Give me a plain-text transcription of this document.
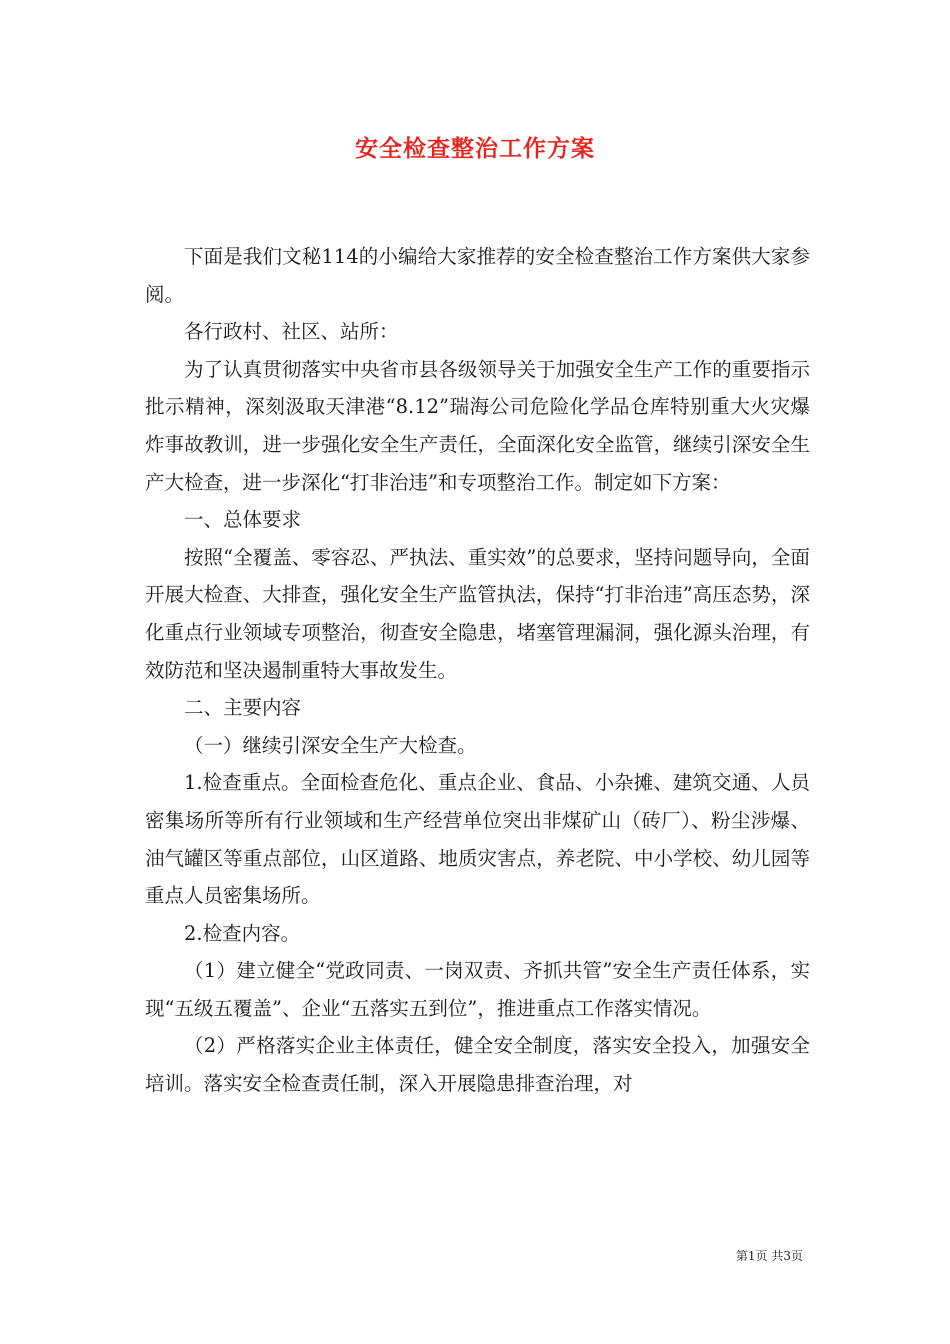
安全检查整治工作方案

下面是我们文秘114的小编给大家推荐的安全检查整治工作方案供大家参阅。

各行政村、社区、站所：

为了认真贯彻落实中央省市县各级领导关于加强安全生产工作的重要指示批示精神，深刻汲取天津港“8.12”瑞海公司危险化学品仓库特别重大火灾爆炸事故教训，进一步强化安全生产责任，全面深化安全监管，继续引深安全生产大检查，进一步深化“打非治违”和专项整治工作。制定如下方案：

一、总体要求

按照“全覆盖、零容忍、严执法、重实效”的总要求，坚持问题导向，全面开展大检查、大排查，强化安全生产监管执法，保持“打非治违”高压态势，深化重点行业领域专项整治，彻查安全隐患，堵塞管理漏洞，强化源头治理，有效防范和坚决遏制重特大事故发生。

二、主要内容

（一）继续引深安全生产大检查。

1.检查重点。全面检查危化、重点企业、食品、小杂摊、建筑交通、人员密集场所等所有行业领域和生产经营单位突出非煤矿山（砖厂）、粉尘涉爆、油气罐区等重点部位，山区道路、地质灾害点，养老院、中小学校、幼儿园等重点人员密集场所。

2.检查内容。

（1）建立健全“党政同责、一岗双责、齐抓共管”安全生产责任体系，实现“五级五覆盖”、企业“五落实五到位”，推进重点工作落实情况。

（2）严格落实企业主体责任，健全安全制度，落实安全投入，加强安全培训。落实安全检查责任制，深入开展隐患排查治理，对

第1页 共3页
